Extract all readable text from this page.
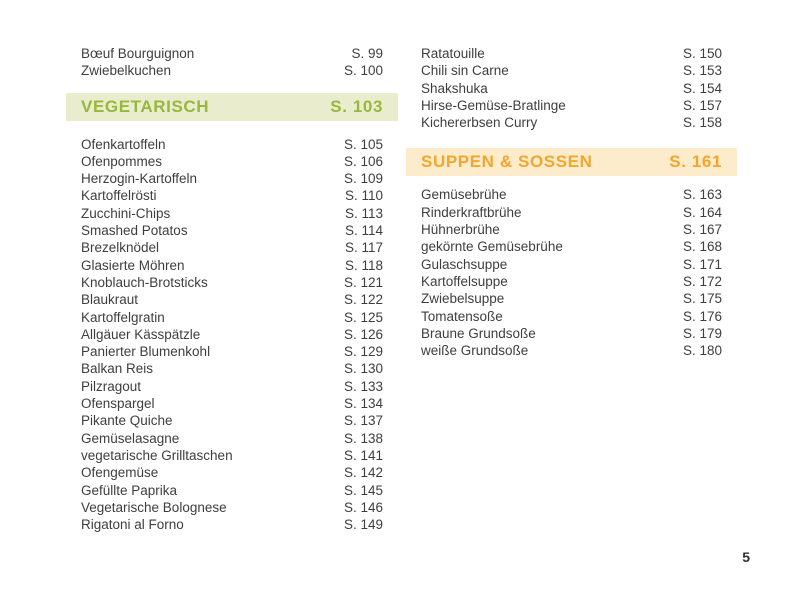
Bœuf Bourguignon	S. 99
Zwiebelkuchen	S. 100
VEGETARISCH	S. 103
Ofenkartoffeln	S. 105
Ofenpommes	S. 106
Herzogin-Kartoffeln	S. 109
Kartoffelrösti	S. 110
Zucchini-Chips	S. 113
Smashed Potatos	S. 114
Brezelknödel	S. 117
Glasierte Möhren	S. 118
Knoblauch-Brotsticks	S. 121
Blaukraut	S. 122
Kartoffelgratin	S. 125
Allgäuer Kässpätzle	S. 126
Panierter Blumenkohl	S. 129
Balkan Reis	S. 130
Pilzragout	S. 133
Ofenspargel	S. 134
Pikante Quiche	S. 137
Gemüselasagne	S. 138
vegetarische Grilltaschen	S. 141
Ofengemüse	S. 142
Gefüllte Paprika	S. 145
Vegetarische Bolognese	S. 146
Rigatoni al Forno	S. 149
Ratatouille	S. 150
Chili sin Carne	S. 153
Shakshuka	S. 154
Hirse-Gemüse-Bratlinge	S. 157
Kichererbsen Curry	S. 158
SUPPEN & SOSSEN	S. 161
Gemüsebrühe	S. 163
Rinderkraftbrühe	S. 164
Hühnerbrühe	S. 167
gekörnte Gemüsebrühe	S. 168
Gulaschsuppe	S. 171
Kartoffelsuppe	S. 172
Zwiebelsuppe	S. 175
Tomatensoße	S. 176
Braune Grundsoße	S. 179
weiße Grundsoße	S. 180
5
